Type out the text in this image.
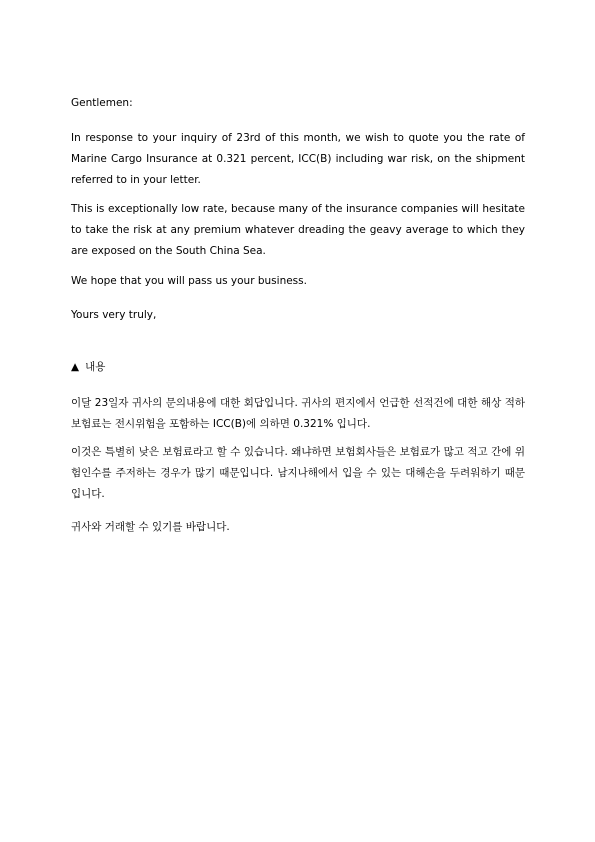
Gentlemen:

In response to your inquiry of 23rd of this month, we wish to quote you the rate of Marine Cargo Insurance at 0.321 percent, ICC(B) including war risk, on the shipment referred to in your letter.

This is exceptionally low rate, because many of the insurance companies will hesitate to take the risk at any premium whatever dreading the geavy average to which they are exposed on the South China Sea.

We hope that you will pass us your business.

Yours very truly,

▲ 내용

이달 23일자 귀사의 문의내용에 대한 회답입니다. 귀사의 편지에서 언급한 선적건에 대한 해상 적하 보험료는 전시위험을 포함하는 ICC(B)에 의하면 0.321% 입니다.

이것은 특별히 낮은 보험료라고 할 수 있습니다. 왜냐하면 보험회사들은 보험료가 많고 적고 간에 위험인수를 주저하는 경우가 많기 때문입니다. 남지나해에서 입을 수 있는 대해손을 두려워하기 때문입니다.

귀사와 거래할 수 있기를 바랍니다.
